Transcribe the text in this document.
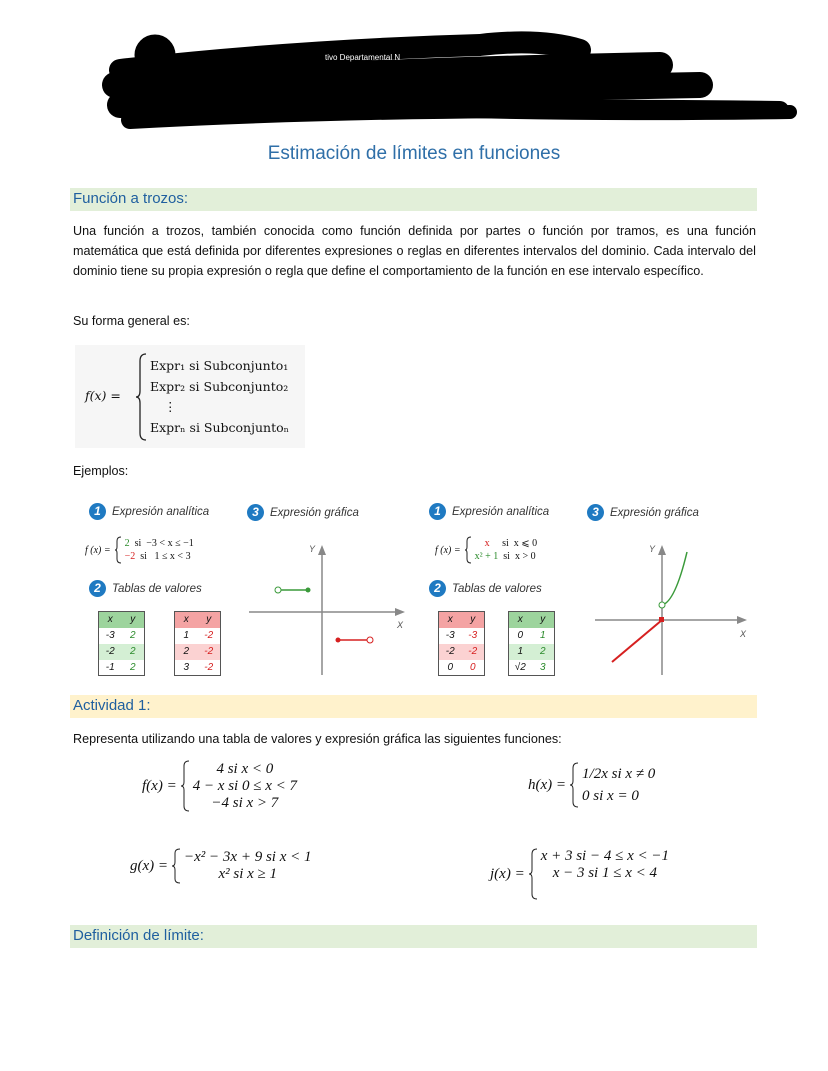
tivo Departamental N
Estimación de límites en funciones
Función a trozos:
Una función a trozos, también conocida como función definida por partes o función por tramos, es una función matemática que está definida por diferentes expresiones o reglas en diferentes intervalos del dominio. Cada intervalo del dominio tiene su propia expresión o regla que define el comportamiento de la función en ese intervalo específico.
Su forma general es:
f(x) =
Expr₁ si Subconjunto₁
Expr₂ si Subconjunto₂
⋮
Exprₙ si Subconjuntoₙ
Ejemplos:
1 Expresión analítica	3 Expresión gráfica
f (x) =
2 si −3 < x ≤ −1
−2 si 1 ≤ x < 3
2 Tablas de valores
x	y
-3	2
-2	2
-1	2
x	y
1	-2
2	-2
3	-2
X
Y
1 Expresión analítica	3 Expresión gráfica
f (x) =
x si x ⩽ 0
x² + 1 si x > 0
2 Tablas de valores
x	y
-3	-3
-2	-2
0	0
x	y
0	1
1	2
√2	3
X
Y
Actividad 1:
Representa utilizando una tabla de valores y expresión gráfica las siguientes funciones:
f(x) =
4 si x < 0
4 − x si 0 ≤ x < 7
−4 si x > 7
h(x) =
1/2x si x ≠ 0
0 si x = 0
g(x) =
−x² − 3x + 9 si x < 1
x² si x ≥ 1	j(x) =
x + 3 si − 4 ≤ x < −1
x − 3 si 1 ≤ x < 4
Definición de límite:
